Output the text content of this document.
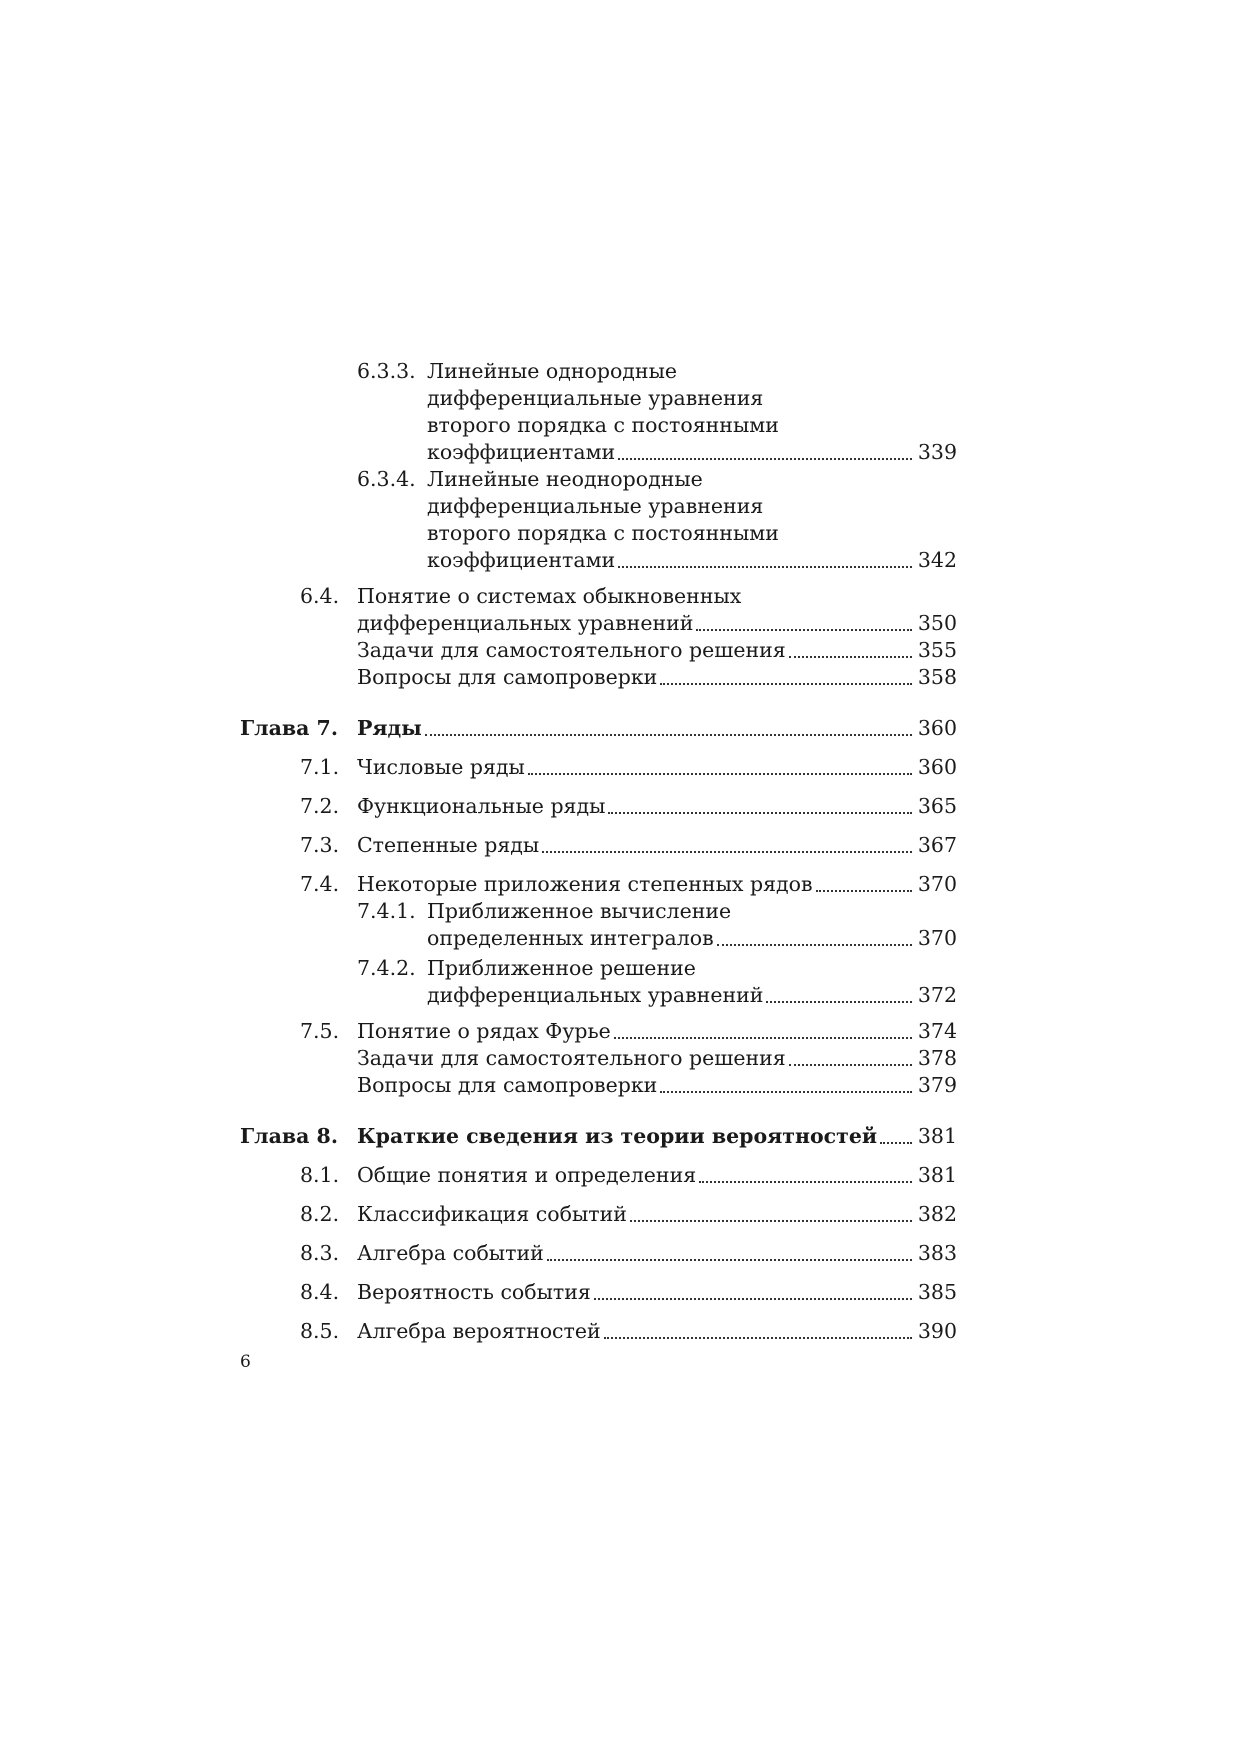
6.3.3. Линейные однородные
дифференциальные уравнения
второго порядка с постоянными
коэффициентами	339
6.3.4. Линейные неоднородные
дифференциальные уравнения
второго порядка с постоянными
коэффициентами	342
6.4. Понятие о системах обыкновенных
дифференциальных уравнений	350
Задачи для самостоятельного решения	355
Вопросы для самопроверки	358
Глава 7. Ряды	360
7.1. Числовые ряды	360
7.2. Функциональные ряды	365
7.3. Степенные ряды	367
7.4. Некоторые приложения степенных рядов	370
7.4.1. Приближенное вычисление
определенных интегралов	370
7.4.2. Приближенное решение
дифференциальных уравнений	372
7.5. Понятие о рядах Фурье	374
Задачи для самостоятельного решения	378
Вопросы для самопроверки	379
Глава 8. Краткие сведения из теории вероятностей 381
8.1. Общие понятия и определения	381
8.2. Классификация событий	382
8.3. Алгебра событий	383
8.4. Вероятность события	385
8.5. Алгебра вероятностей	390
6
